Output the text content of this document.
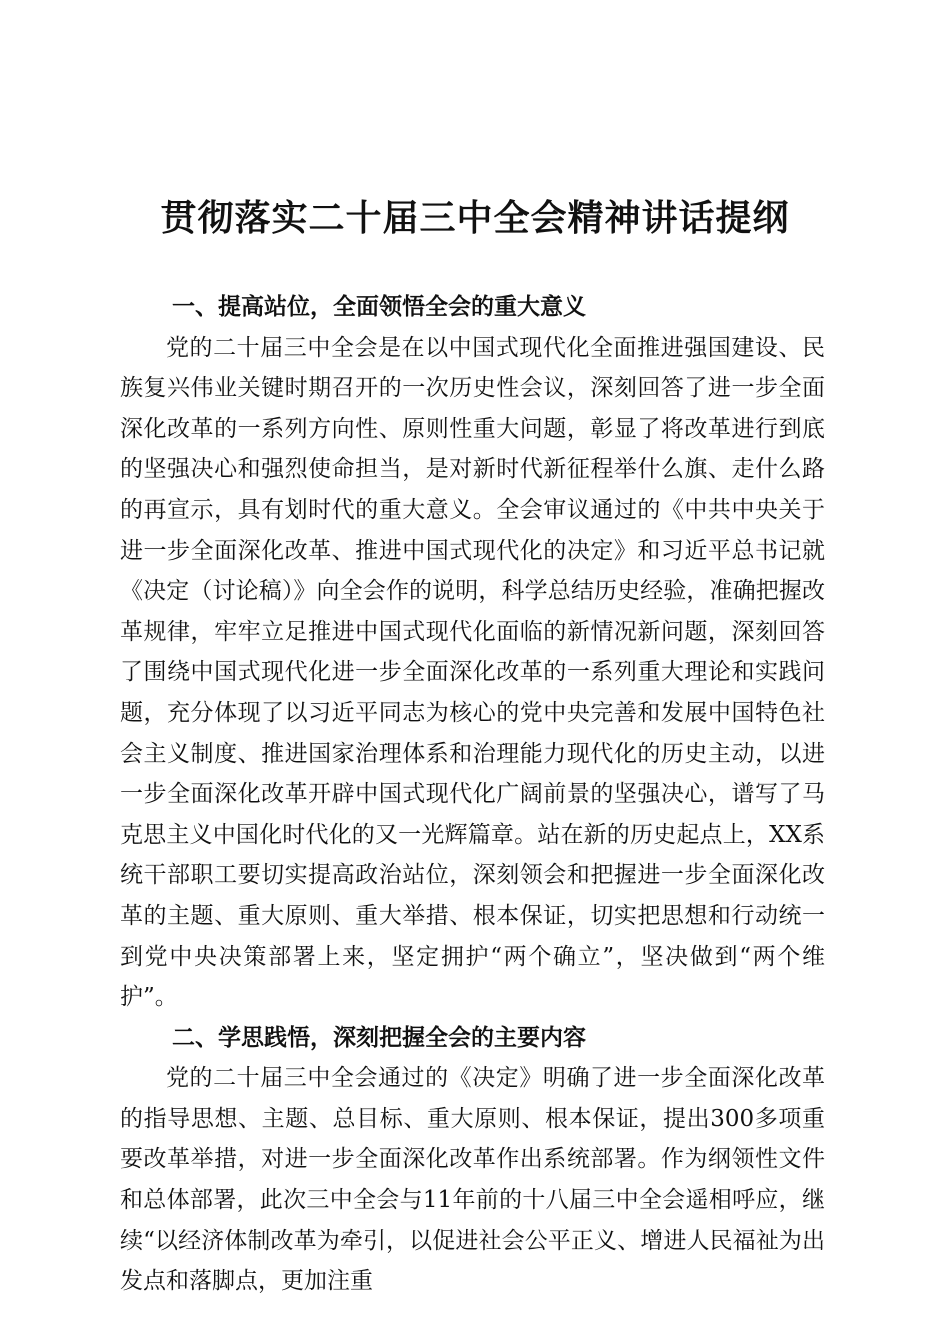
贯彻落实二十届三中全会精神讲话提纲

一、提高站位，全面领悟全会的重大意义

党的二十届三中全会是在以中国式现代化全面推进强国建设、民族复兴伟业关键时期召开的一次历史性会议，深刻回答了进一步全面深化改革的一系列方向性、原则性重大问题，彰显了将改革进行到底的坚强决心和强烈使命担当，是对新时代新征程举什么旗、走什么路的再宣示，具有划时代的重大意义。全会审议通过的《中共中央关于进一步全面深化改革、推进中国式现代化的决定》和习近平总书记就《决定（讨论稿）》向全会作的说明，科学总结历史经验，准确把握改革规律，牢牢立足推进中国式现代化面临的新情况新问题，深刻回答了围绕中国式现代化进一步全面深化改革的一系列重大理论和实践问题，充分体现了以习近平同志为核心的党中央完善和发展中国特色社会主义制度、推进国家治理体系和治理能力现代化的历史主动，以进一步全面深化改革开辟中国式现代化广阔前景的坚强决心，谱写了马克思主义中国化时代化的又一光辉篇章。站在新的历史起点上，XX系统干部职工要切实提高政治站位，深刻领会和把握进一步全面深化改革的主题、重大原则、重大举措、根本保证，切实把思想和行动统一到党中央决策部署上来，坚定拥护“两个确立”，坚决做到“两个维护”。

二、学思践悟，深刻把握全会的主要内容

党的二十届三中全会通过的《决定》明确了进一步全面深化改革的指导思想、主题、总目标、重大原则、根本保证，提出300多项重要改革举措，对进一步全面深化改革作出系统部署。作为纲领性文件和总体部署，此次三中全会与11年前的十八届三中全会遥相呼应，继续“以经济体制改革为牵引，以促进社会公平正义、增进人民福祉为出发点和落脚点，更加注重
